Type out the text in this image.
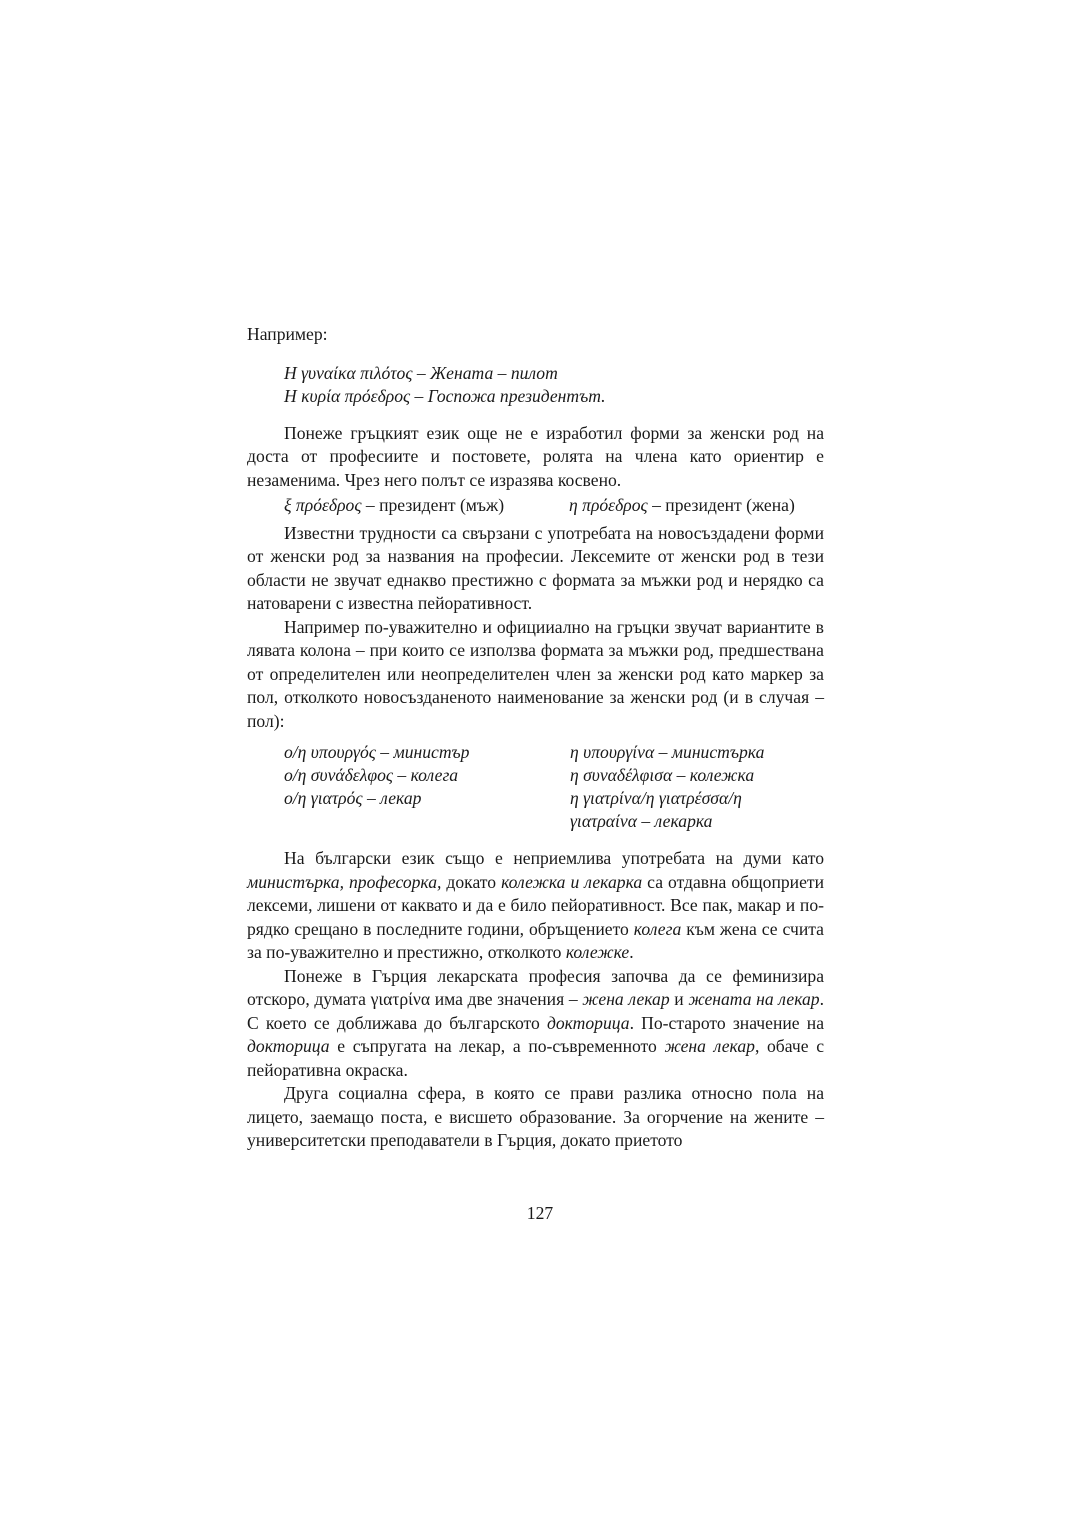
Например:

Η γυναίκα πιλότος – Жената – пилот
Η κυρία πρόεδρος – Госпожа президентът.

Понеже гръцкият език още не е изработил форми за женски род на доста от професиите и постовете, ролята на члена като ориентир е незаменима. Чрез него полът се изразява косвено.

ξ πρόεδρος – президент (мъж)	η πρόεδρος – президент (жена)

Известни трудности са свързани с употребата на новосъздадени форми от женски род за названия на професии. Лексемите от женски род в тези области не звучат еднакво престижно с формата за мъжки род и нерядко са натоварени с известна пейоративност.

Например по-уважително и официиално на гръцки звучат вариантите в лявата колона – при които се използва формата за мъжки род, предшествана от определителен или неопределителен член за женски род като маркер за пол, отколкото новосъзданеното наименование за женски род (и в случая – пол):

ο/η υπουργός – министър
ο/η συνάδελφος – колега
ο/η γιατρός – лекар
η υπουργίνα – министърка
η συναδέλφισα – колежка
η γιατρίνα/η γιατρέσσα/η
γιατραίνα – лекарка

На български език също е неприемлива употребата на думи като министърка, професорка, докато колежка и лекарка са отдавна общоприети лексеми, лишени от каквато и да е било пейоративност. Все пак, макар и по-рядко срещано в последните години, обръщението колега към жена се счита за по-уважително и престижно, отколкото колежке.

Понеже в Гърция лекарската професия започва да се феминизира отскоро, думата γιατρίνα има две значения – жена лекар и жената на лекар. С което се доближава до българското докторица. По-старото значение на докторица е съпругата на лекар, а по-съвременното жена лекар, обаче с пейоративна окраска.

Друга социална сфера, в която се прави разлика относно пола на лицето, заемащо поста, е висшето образование. За огорчение на жените – университетски преподаватели в Гърция, докато приетото

127
